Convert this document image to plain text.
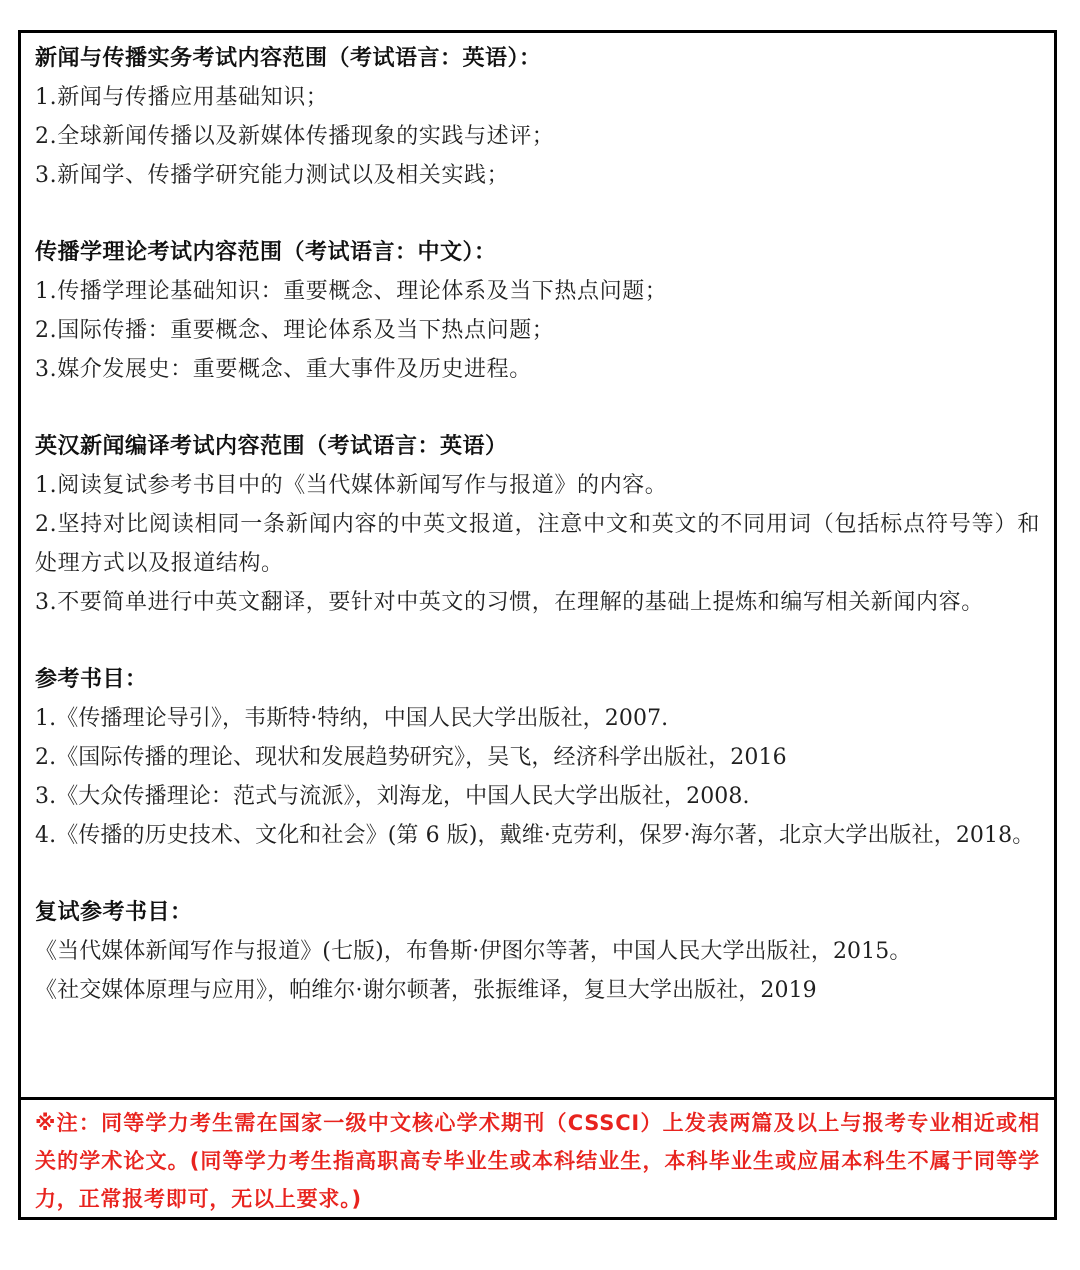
新闻与传播实务考试内容范围（考试语言：英语）：

1.新闻与传播应用基础知识；

2.全球新闻传播以及新媒体传播现象的实践与述评；

3.新闻学、传播学研究能力测试以及相关实践；

传播学理论考试内容范围（考试语言：中文）：

1.传播学理论基础知识：重要概念、理论体系及当下热点问题；

2.国际传播：重要概念、理论体系及当下热点问题；

3.媒介发展史：重要概念、重大事件及历史进程。

英汉新闻编译考试内容范围（考试语言：英语）

1.阅读复试参考书目中的《当代媒体新闻写作与报道》的内容。

2.坚持对比阅读相同一条新闻内容的中英文报道，注意中文和英文的不同用词（包括标点符号等）和处理方式以及报道结构。

3.不要简单进行中英文翻译，要针对中英文的习惯，在理解的基础上提炼和编写相关新闻内容。

参考书目：

1.《传播理论导引》，韦斯特·特纳，中国人民大学出版社，2007.

2.《国际传播的理论、现状和发展趋势研究》，吴飞，经济科学出版社，2016

3.《大众传播理论：范式与流派》，刘海龙，中国人民大学出版社，2008.

4.《传播的历史技术、文化和社会》(第 6 版)，戴维·克劳利，保罗·海尔著，北京大学出版社，2018。

复试参考书目：

《当代媒体新闻写作与报道》(七版)，布鲁斯·伊图尔等著，中国人民大学出版社，2015。

《社交媒体原理与应用》，帕维尔·谢尔顿著，张振维译，复旦大学出版社，2019

※注：同等学力考生需在国家一级中文核心学术期刊（CSSCI）上发表两篇及以上与报考专业相近或相关的学术论文。(同等学力考生指高职高专毕业生或本科结业生，本科毕业生或应届本科生不属于同等学力，正常报考即可，无以上要求。)
